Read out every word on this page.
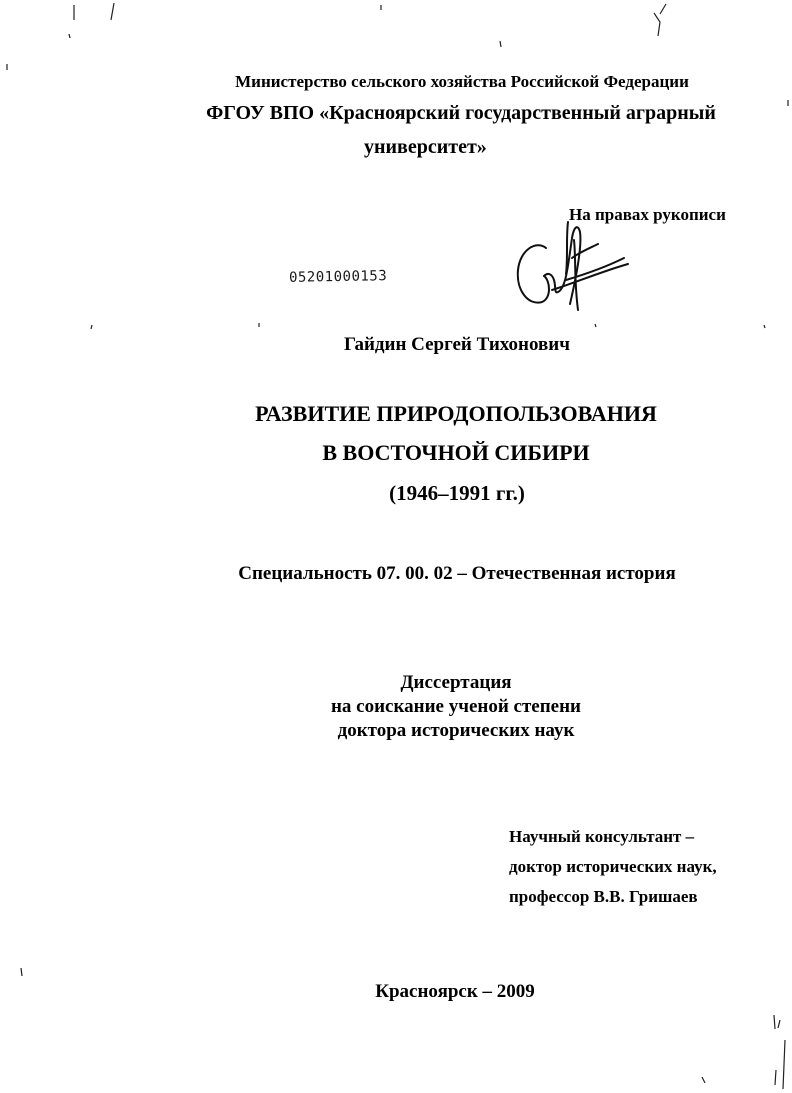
Министерство сельского хозяйства Российской Федерации
ФГОУ ВПО «Красноярский государственный аграрный
университет»
На правах рукописи
05201000153
Гайдин Сергей Тихонович
РАЗВИТИЕ ПРИРОДОПОЛЬЗОВАНИЯ
В ВОСТОЧНОЙ СИБИРИ
(1946–1991 гг.)
Специальность 07. 00. 02 – Отечественная история
Диссертация
на соискание ученой степени
доктора исторических наук
Научный консультант –
доктор исторических наук,
профессор В.В. Гришаев
Красноярск – 2009
